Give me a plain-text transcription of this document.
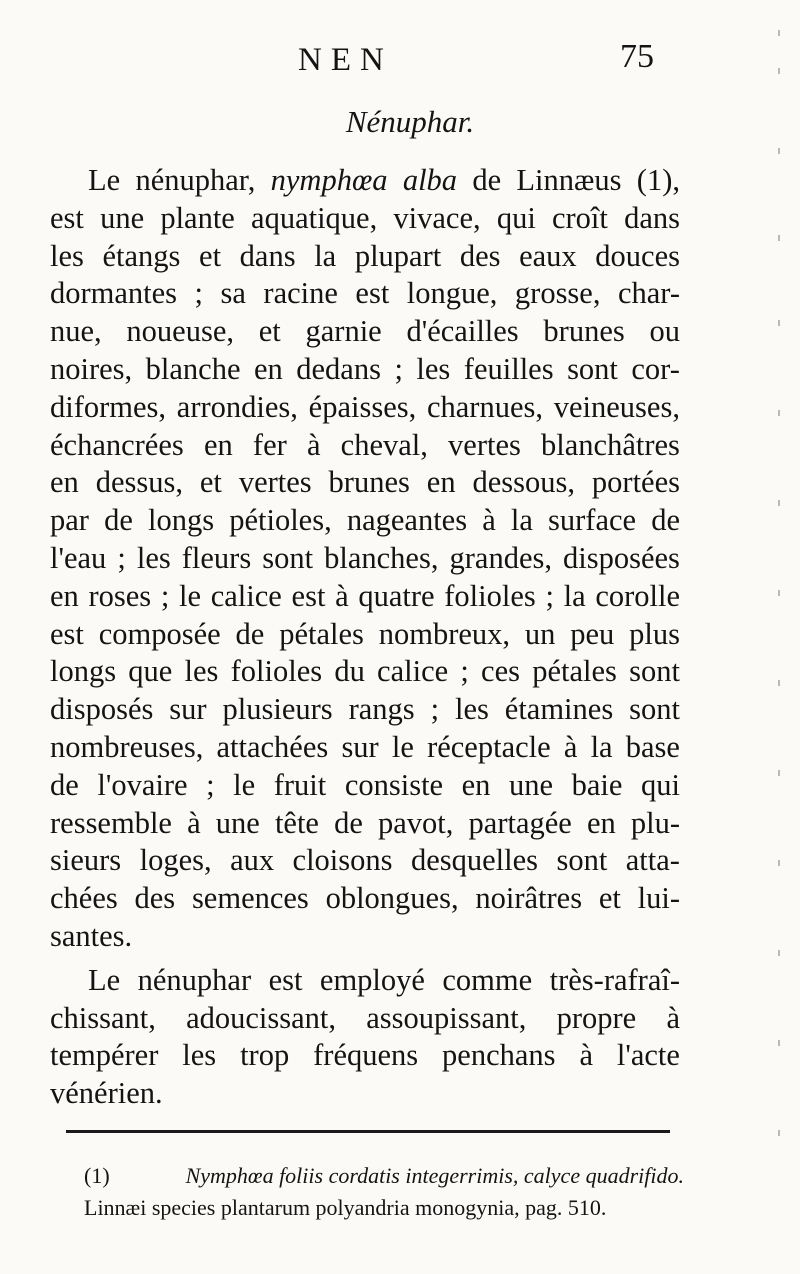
NEN	75
Nénuphar.
Le nénuphar, nymphœa alba de Linnæus (1),
est une plante aquatique, vivace, qui croît dans
les étangs et dans la plupart des eaux douces
dormantes ; sa racine est longue, grosse, char-
nue, noueuse, et garnie d'écailles brunes ou
noires, blanche en dedans ; les feuilles sont cor-
diformes, arrondies, épaisses, charnues, veineuses,
échancrées en fer à cheval, vertes blanchâtres
en dessus, et vertes brunes en dessous, portées
par de longs pétioles, nageantes à la surface de
l'eau ; les fleurs sont blanches, grandes, disposées
en roses ; le calice est à quatre folioles ; la corolle
est composée de pétales nombreux, un peu plus
longs que les folioles du calice ; ces pétales sont
disposés sur plusieurs rangs ; les étamines sont
nombreuses, attachées sur le réceptacle à la base
de l'ovaire ; le fruit consiste en une baie qui
ressemble à une tête de pavot, partagée en plu-
sieurs loges, aux cloisons desquelles sont atta-
chées des semences oblongues, noirâtres et lui-
santes.
Le nénuphar est employé comme très-rafraî-
chissant, adoucissant, assoupissant, propre à
tempérer les trop fréquens penchans à l'acte
vénérien.
(1)	Nymphœa foliis cordatis integerrimis, calyce quadrifido.
Linnæi species plantarum polyandria monogynia, pag. 510.
